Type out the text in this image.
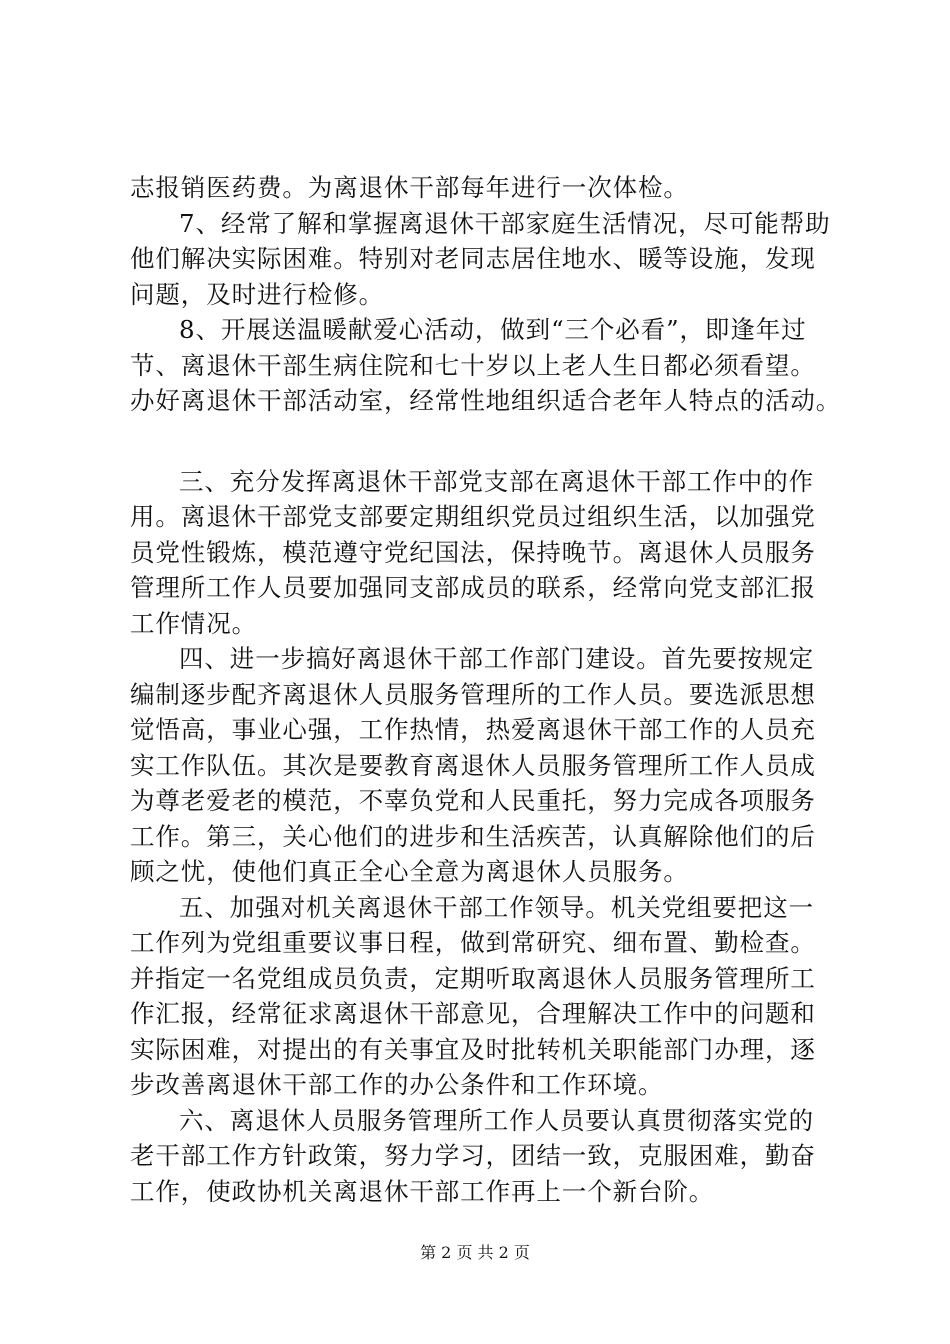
志报销医药费。为离退休干部每年进行一次体检。

7、经常了解和掌握离退休干部家庭生活情况，尽可能帮助
他们解决实际困难。特别对老同志居住地水、暖等设施，发现
问题，及时进行检修。

8、开展送温暖献爱心活动，做到“三个必看”，即逢年过
节、离退休干部生病住院和七十岁以上老人生日都必须看望。
办好离退休干部活动室，经常性地组织适合老年人特点的活动。

三、充分发挥离退休干部党支部在离退休干部工作中的作
用。离退休干部党支部要定期组织党员过组织生活，以加强党
员党性锻炼，模范遵守党纪国法，保持晚节。离退休人员服务
管理所工作人员要加强同支部成员的联系，经常向党支部汇报
工作情况。

四、进一步搞好离退休干部工作部门建设。首先要按规定
编制逐步配齐离退休人员服务管理所的工作人员。要选派思想
觉悟高，事业心强，工作热情，热爱离退休干部工作的人员充
实工作队伍。其次是要教育离退休人员服务管理所工作人员成
为尊老爱老的模范，不辜负党和人民重托，努力完成各项服务
工作。第三，关心他们的进步和生活疾苦，认真解除他们的后
顾之忧，使他们真正全心全意为离退休人员服务。

五、加强对机关离退休干部工作领导。机关党组要把这一
工作列为党组重要议事日程，做到常研究、细布置、勤检查。
并指定一名党组成员负责，定期听取离退休人员服务管理所工
作汇报，经常征求离退休干部意见，合理解决工作中的问题和
实际困难，对提出的有关事宜及时批转机关职能部门办理，逐
步改善离退休干部工作的办公条件和工作环境。

六、离退休人员服务管理所工作人员要认真贯彻落实党的
老干部工作方针政策，努力学习，团结一致，克服困难，勤奋
工作，使政协机关离退休干部工作再上一个新台阶。

第 2 页 共 2 页
